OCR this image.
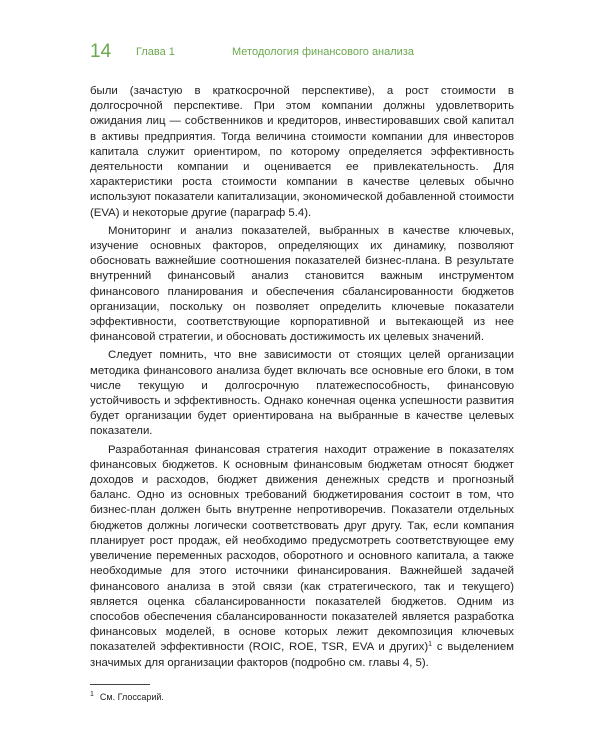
14 Глава 1	Методология финансового анализа

были (зачастую в краткосрочной перспективе), а рост стоимости в долгосрочной перспективе. При этом компании должны удовлетворить ожидания лиц — собственников и кредиторов, инвестировавших свой капитал в активы предприятия. Тогда величина стоимости компании для инвесторов капитала служит ориентиром, по которому определяется эффективность деятельности компании и оценивается ее привлекательность. Для характеристики роста стоимости компании в качестве целевых обычно используют показатели капитализации, экономической добавленной стоимости (EVA) и некоторые другие (параграф 5.4).

Мониторинг и анализ показателей, выбранных в качестве ключевых, изучение основных факторов, определяющих их динамику, позволяют обосновать важнейшие соотношения показателей бизнес-плана. В результате внутренний финансовый анализ становится важным инструментом финансового планирования и обеспечения сбалансированности бюджетов организации, поскольку он позволяет определить ключевые показатели эффективности, соответствующие корпоративной и вытекающей из нее финансовой стратегии, и обосновать достижимость их целевых значений.

Следует помнить, что вне зависимости от стоящих целей организации методика финансового анализа будет включать все основные его блоки, в том числе текущую и долгосрочную платежеспособность, финансовую устойчивость и эффективность. Однако конечная оценка успешности развития будет организации будет ориентирована на выбранные в качестве целевых показатели.

Разработанная финансовая стратегия находит отражение в показателях финансовых бюджетов. К основным финансовым бюджетам относят бюджет доходов и расходов, бюджет движения денежных средств и прогнозный баланс. Одно из основных требований бюджетирования состоит в том, что бизнес-план должен быть внутренне непротиворечив. Показатели отдельных бюджетов должны логически соответствовать друг другу. Так, если компания планирует рост продаж, ей необходимо предусмотреть соответствующее ему увеличение переменных расходов, оборотного и основного капитала, а также необходимые для этого источники финансирования. Важнейшей задачей финансового анализа в этой связи (как стратегического, так и текущего) является оценка сбалансированности показателей бюджетов. Одним из способов обеспечения сбалансированности показателей является разработка финансовых моделей, в основе которых лежит декомпозиция ключевых показателей эффективности (ROIC, ROE, TSR, EVA и других)$^1$ с выделением значимых для организации факторов (подробно см. главы 4, 5).

$^1$ См. Глоссарий.
